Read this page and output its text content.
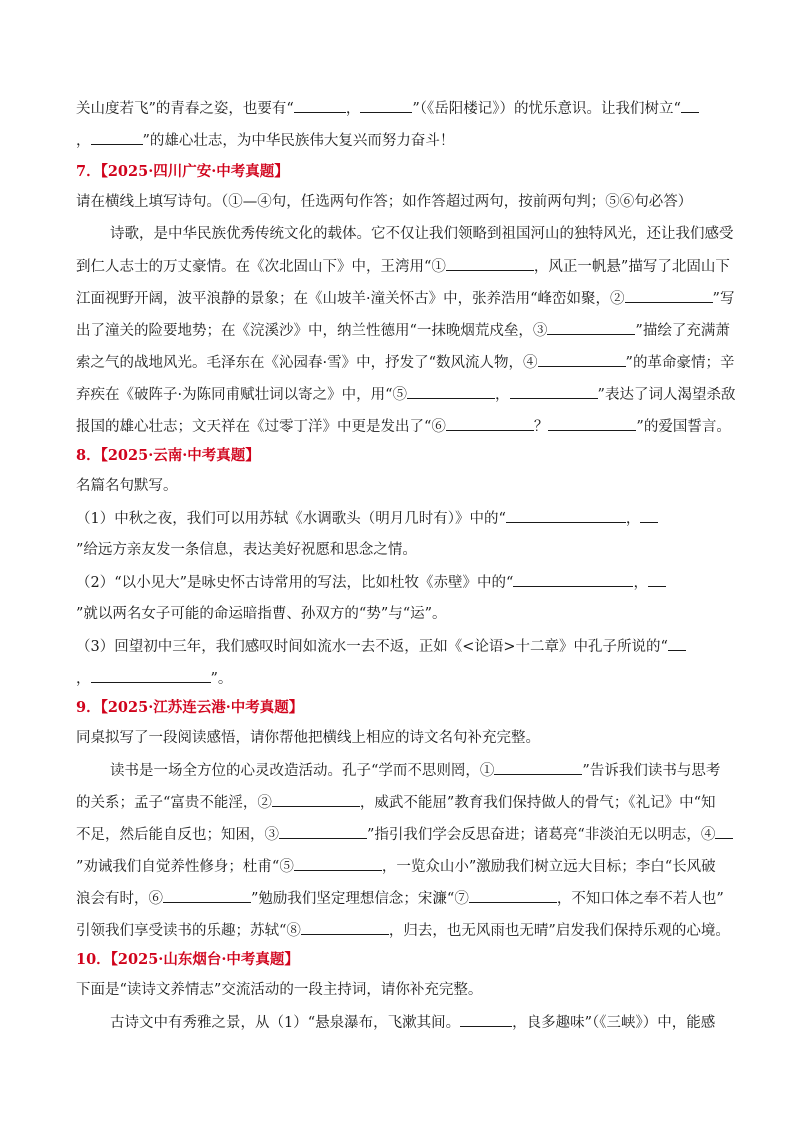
关山度若飞”的青春之姿，也要有“	，	”（《岳阳楼记》）的忧乐意识。让我们树立“
，	”的雄心壮志，为中华民族伟大复兴而努力奋斗！
7．【2025·四川广安·中考真题】
请在横线上填写诗句。（①—④句，任选两句作答；如作答超过两句，按前两句判；⑤⑥句必答）
诗歌，是中华民族优秀传统文化的载体。它不仅让我们领略到祖国河山的独特风光，还让我们感受
到仁人志士的万丈豪情。在《次北固山下》中，王湾用“①	，风正一帆悬”描写了北固山下
江面视野开阔，波平浪静的景象；在《山坡羊·潼关怀古》中，张养浩用“峰峦如聚，②	”写
出了潼关的险要地势；在《浣溪沙》中，纳兰性德用“一抹晚烟荒戍垒，③	”描绘了充满萧
索之气的战地风光。毛泽东在《沁园春·雪》中，抒发了“数风流人物，④	”的革命豪情；辛
弃疾在《破阵子·为陈同甫赋壮词以寄之》中，用“⑤	，	”表达了词人渴望杀敌
报国的雄心壮志；文天祥在《过零丁洋》中更是发出了“⑥	？	”的爱国誓言。
8．【2025·云南·中考真题】
名篇名句默写。
（1）中秋之夜，我们可以用苏轼《水调歌头（明月几时有）》中的“	，
”给远方亲友发一条信息，表达美好祝愿和思念之情。
（2）“以小见大”是咏史怀古诗常用的写法，比如杜牧《赤壁》中的“	，
”就以两名女子可能的命运暗指曹、孙双方的“势”与“运”。
（3）回望初中三年，我们感叹时间如流水一去不返，正如《<论语>十二章》中孔子所说的“
，	”。
9．【2025·江苏连云港·中考真题】
同桌拟写了一段阅读感悟，请你帮他把横线上相应的诗文名句补充完整。
读书是一场全方位的心灵改造活动。孔子“学而不思则罔，①	”告诉我们读书与思考
的关系；孟子“富贵不能淫，②	，威武不能屈”教育我们保持做人的骨气；《礼记》中“知
不足，然后能自反也；知困，③	”指引我们学会反思奋进；诸葛亮“非淡泊无以明志，④
”劝诫我们自觉养性修身；杜甫“⑤	，一览众山小”激励我们树立远大目标；李白“长风破
浪会有时，⑥	”勉励我们坚定理想信念；宋濂“⑦	，不知口体之奉不若人也”
引领我们享受读书的乐趣；苏轼“⑧	，归去，也无风雨也无晴”启发我们保持乐观的心境。
10．【2025·山东烟台·中考真题】
下面是“读诗文养情志”交流活动的一段主持词，请你补充完整。
古诗文中有秀雅之景，从（1）“悬泉瀑布，飞漱其间。	，良多趣味”（《三峡》）中，能感
